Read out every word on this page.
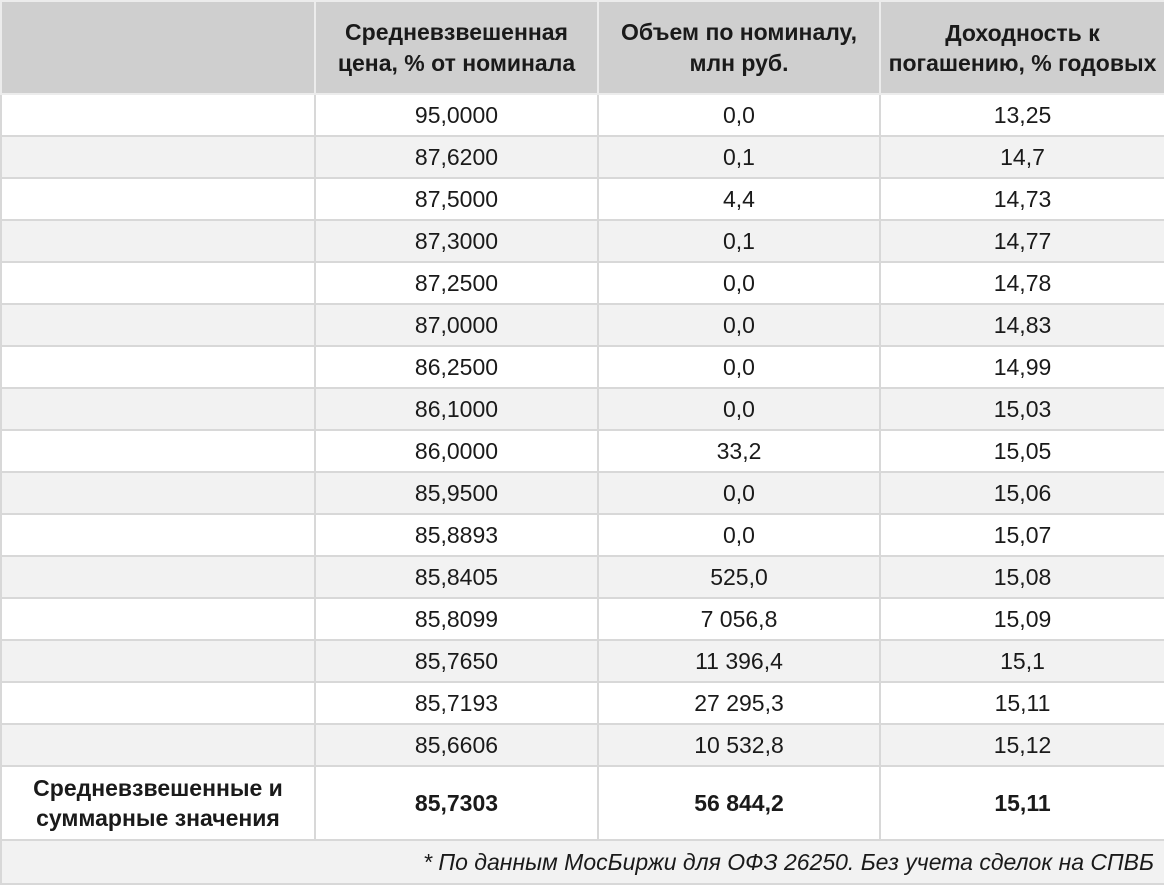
	Средневзвешенная цена, % от номинала	Объем по номиналу, млн руб.	Доходность к погашению, % годовых
	95,0000	0,0	13,25
	87,6200	0,1	14,7
	87,5000	4,4	14,73
	87,3000	0,1	14,77
	87,2500	0,0	14,78
	87,0000	0,0	14,83
	86,2500	0,0	14,99
	86,1000	0,0	15,03
	86,0000	33,2	15,05
	85,9500	0,0	15,06
	85,8893	0,0	15,07
	85,8405	525,0	15,08
	85,8099	7 056,8	15,09
	85,7650	11 396,4	15,1
	85,7193	27 295,3	15,11
	85,6606	10 532,8	15,12
Средневзвешенные и суммарные значения	85,7303	56 844,2	15,11
* По данным МосБиржи для ОФЗ 26250. Без учета сделок на СПВБ			
